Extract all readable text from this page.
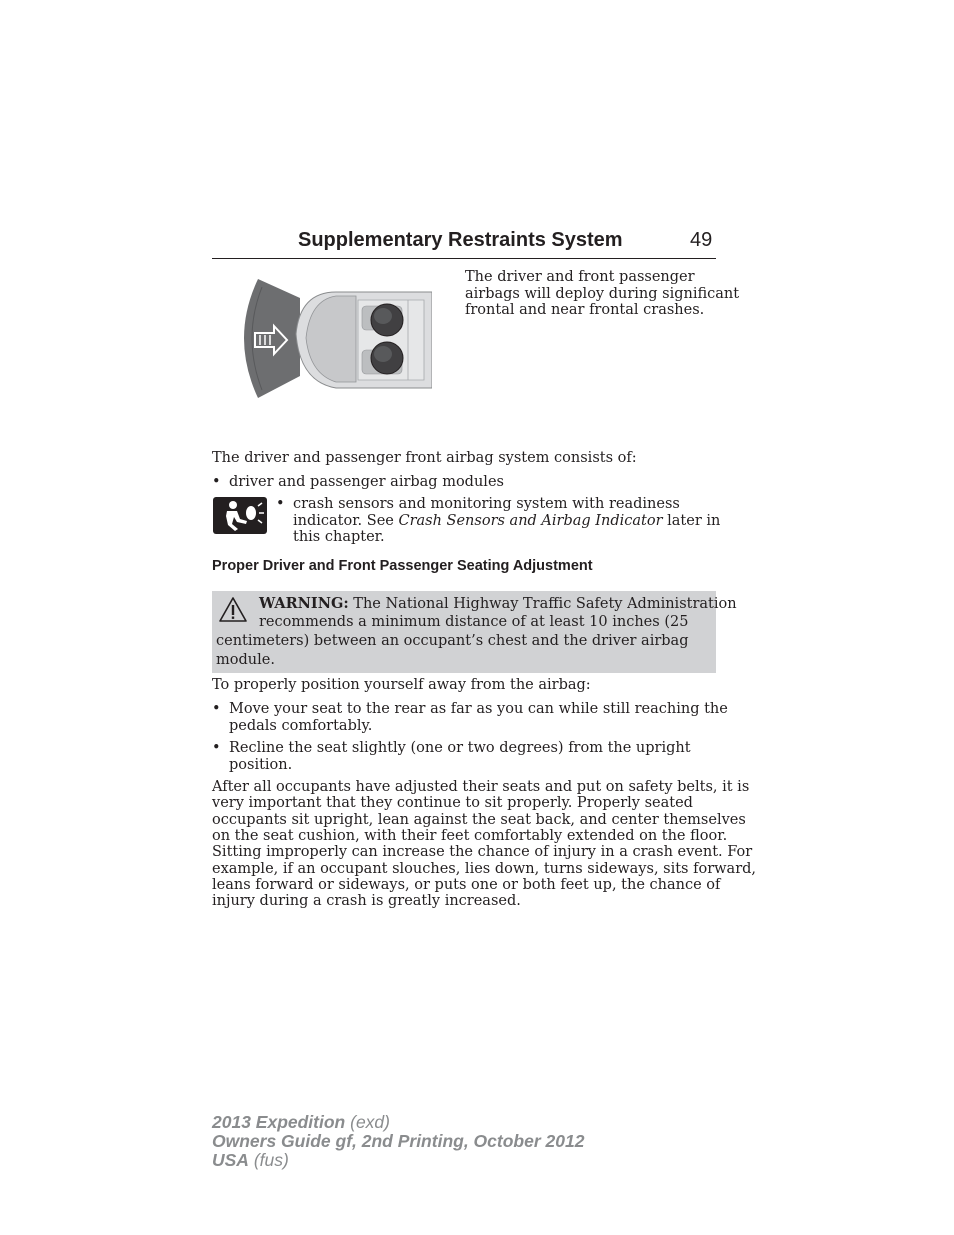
Supplementary Restraints System	49
The driver and front passenger
airbags will deploy during significant
frontal and near frontal crashes.
The driver and passenger front airbag system consists of:
• driver and passenger airbag modules
• crash sensors and monitoring system with readiness
indicator. See Crash Sensors and Airbag Indicator later in
this chapter.
Proper Driver and Front Passenger Seating Adjustment
WARNING: The National Highway Traffic Safety Administration
recommends a minimum distance of at least 10 inches (25
centimeters) between an occupant’s chest and the driver airbag
module.
To properly position yourself away from the airbag:
• Move your seat to the rear as far as you can while still reaching the
pedals comfortably.
• Recline the seat slightly (one or two degrees) from the upright
position.
After all occupants have adjusted their seats and put on safety belts, it is
very important that they continue to sit properly. Properly seated
occupants sit upright, lean against the seat back, and center themselves
on the seat cushion, with their feet comfortably extended on the floor.
Sitting improperly can increase the chance of injury in a crash event. For
example, if an occupant slouches, lies down, turns sideways, sits forward,
leans forward or sideways, or puts one or both feet up, the chance of
injury during a crash is greatly increased.
2013 Expedition (exd)
Owners Guide gf, 2nd Printing, October 2012
USA (fus)
